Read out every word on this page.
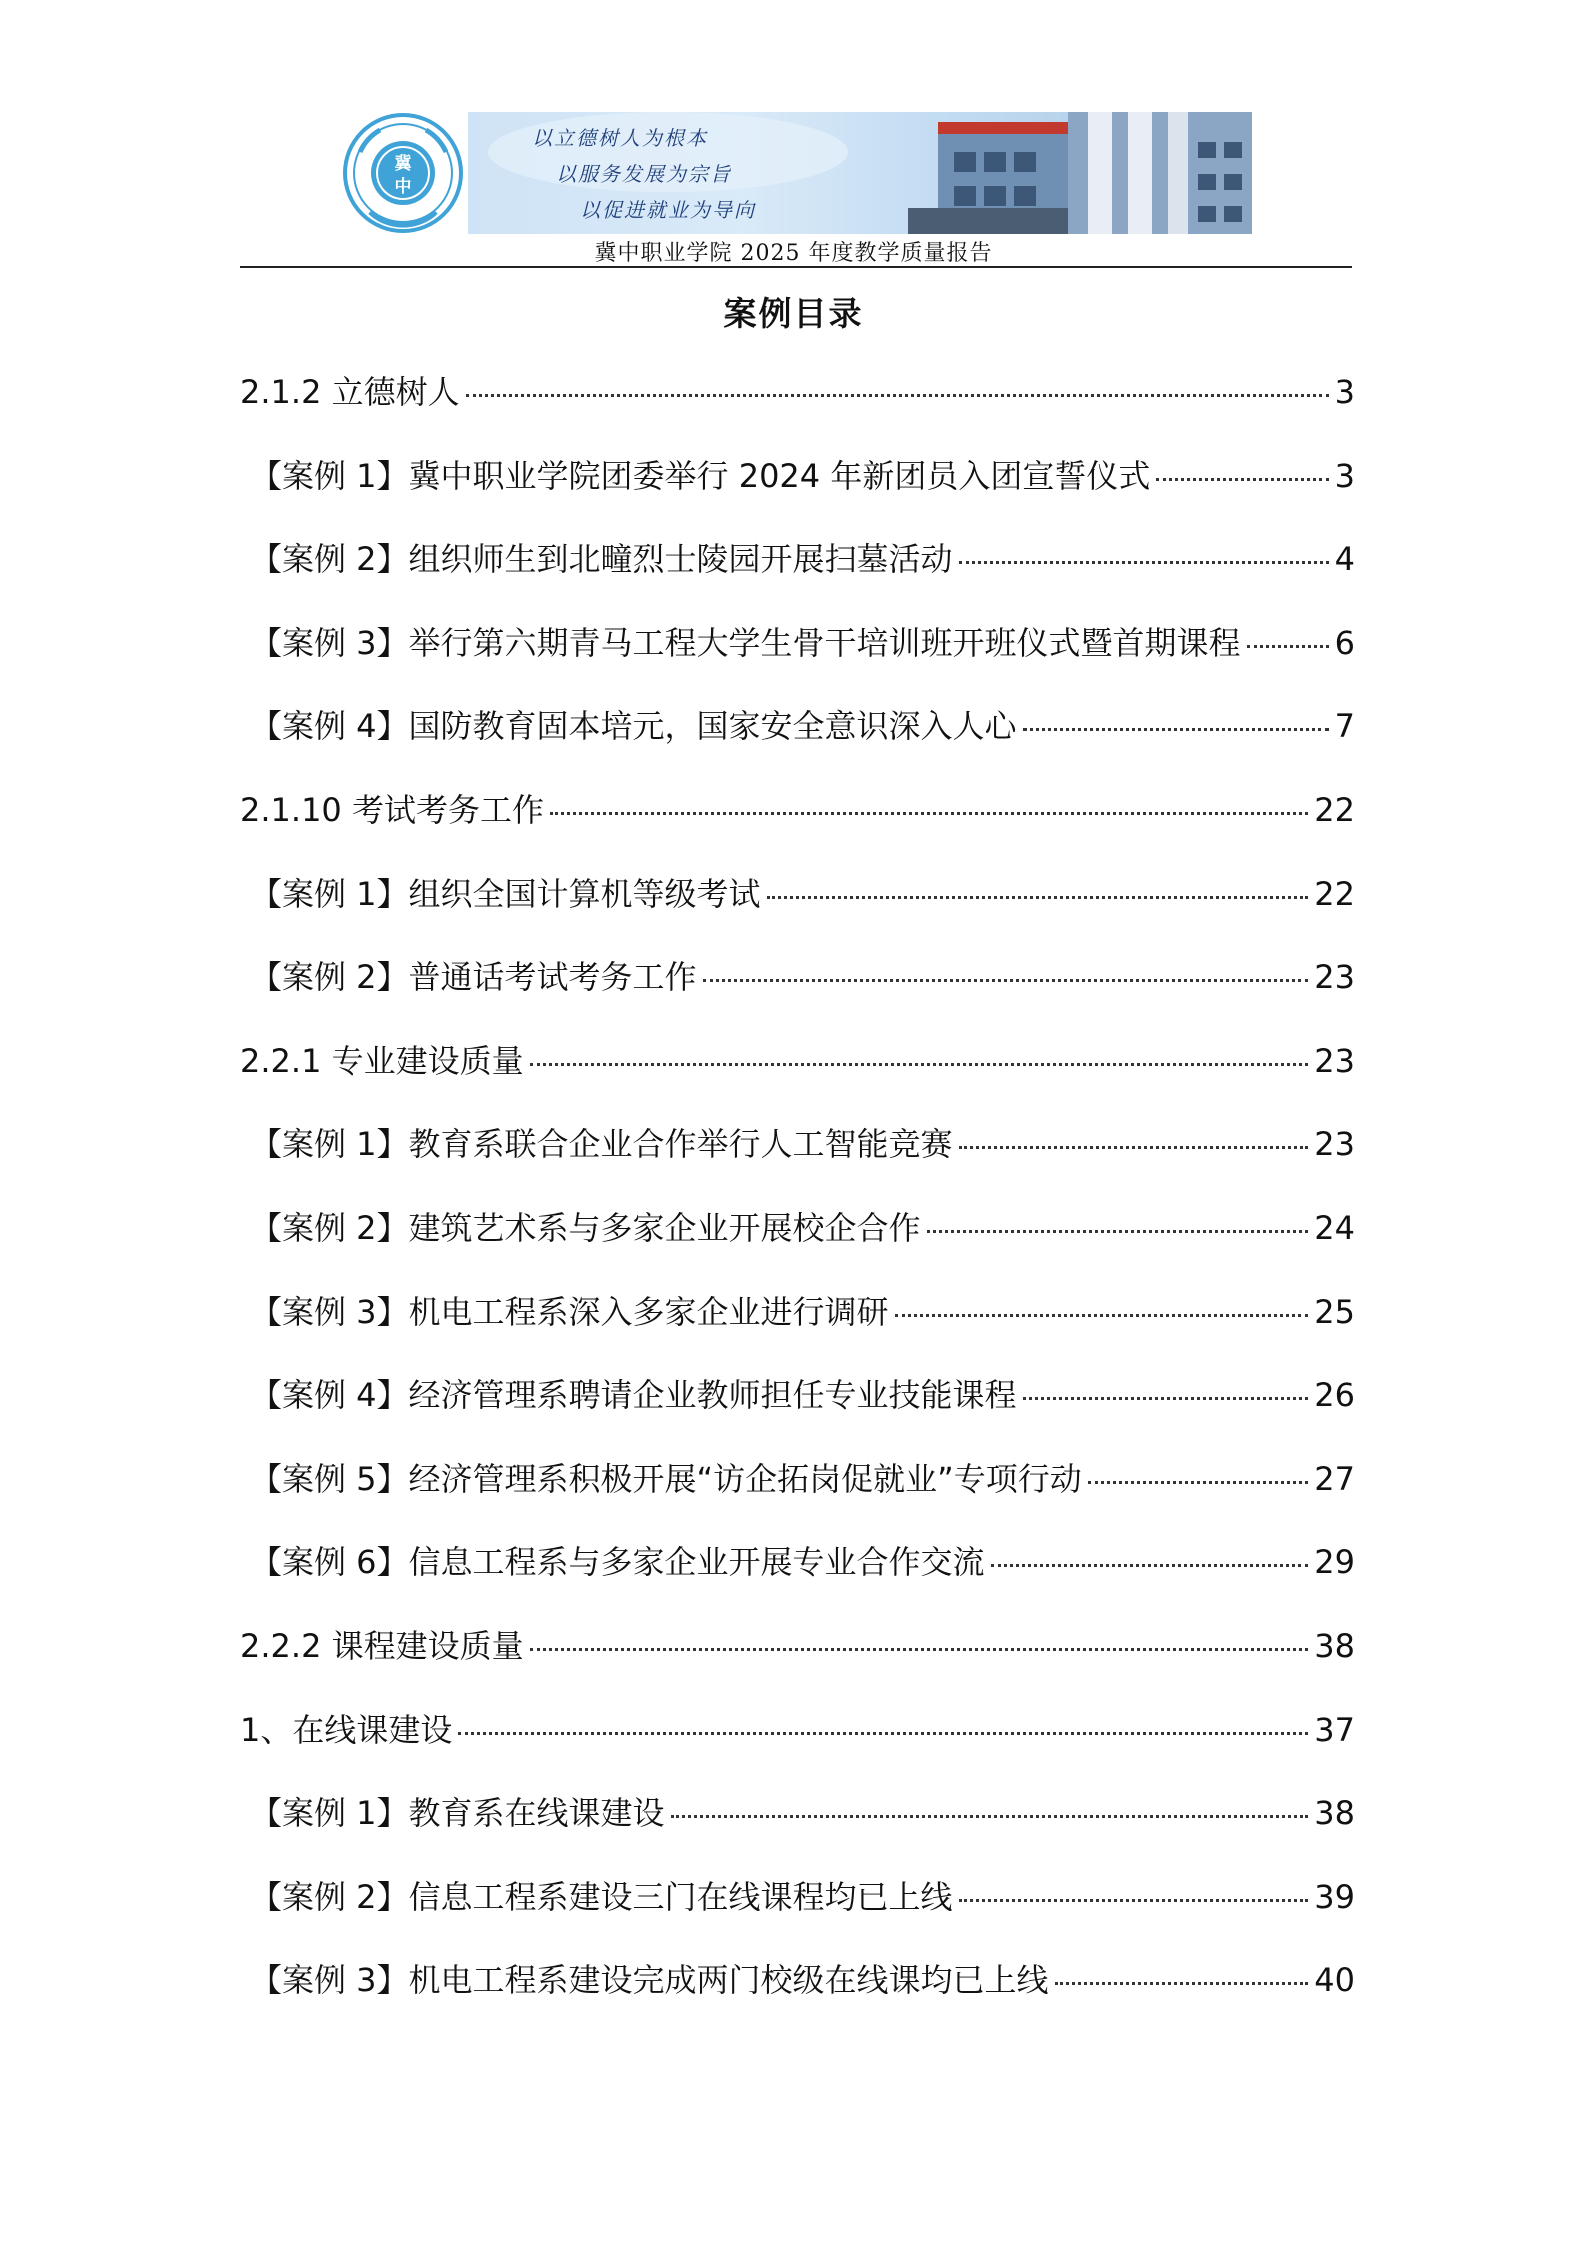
冀
中
以立德树人为根本
以服务发展为宗旨
以促进就业为导向
冀中职业学院 2025 年度教学质量报告
案例目录
2.1.2 立德树人	3
【案例 1】冀中职业学院团委举行 2024 年新团员入团宣誓仪式	3
【案例 2】组织师生到北疃烈士陵园开展扫墓活动	4
【案例 3】举行第六期青马工程大学生骨干培训班开班仪式暨首期课程	6
【案例 4】国防教育固本培元，国家安全意识深入人心	7
2.1.10 考试考务工作	22
【案例 1】组织全国计算机等级考试	22
【案例 2】普通话考试考务工作	23
2.2.1 专业建设质量	23
【案例 1】教育系联合企业合作举行人工智能竞赛	23
【案例 2】建筑艺术系与多家企业开展校企合作	24
【案例 3】机电工程系深入多家企业进行调研	25
【案例 4】经济管理系聘请企业教师担任专业技能课程	26
【案例 5】经济管理系积极开展“访企拓岗促就业”专项行动	27
【案例 6】信息工程系与多家企业开展专业合作交流	29
2.2.2 课程建设质量	38
1、在线课建设	37
【案例 1】教育系在线课建设	38
【案例 2】信息工程系建设三门在线课程均已上线	39
【案例 3】机电工程系建设完成两门校级在线课均已上线	40
